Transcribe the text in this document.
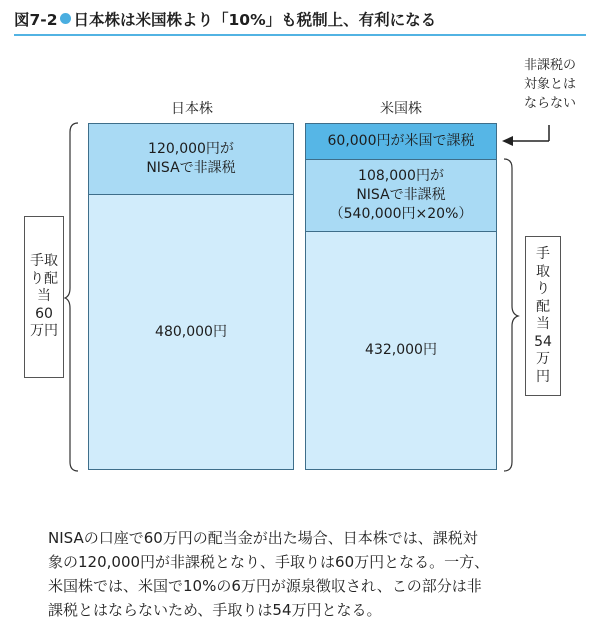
図7‑2 日本株は米国株より「10%」も税制上、有利になる
日本株	米国株
120,000円が
NISAで非課税
480,000円
60,000円が米国で課税
108,000円が
NISAで非課税
（540,000円×20%）
432,000円
手取り配当60万円
手取り配当54万円
非課税の
対象とは
ならない
NISAの口座で60万円の配当金が出た場合、日本株では、課税対
象の120,000円が非課税となり、手取りは60万円となる。一方、
米国株では、米国で10%の6万円が源泉徴収され、この部分は非
課税とはならないため、手取りは54万円となる。
